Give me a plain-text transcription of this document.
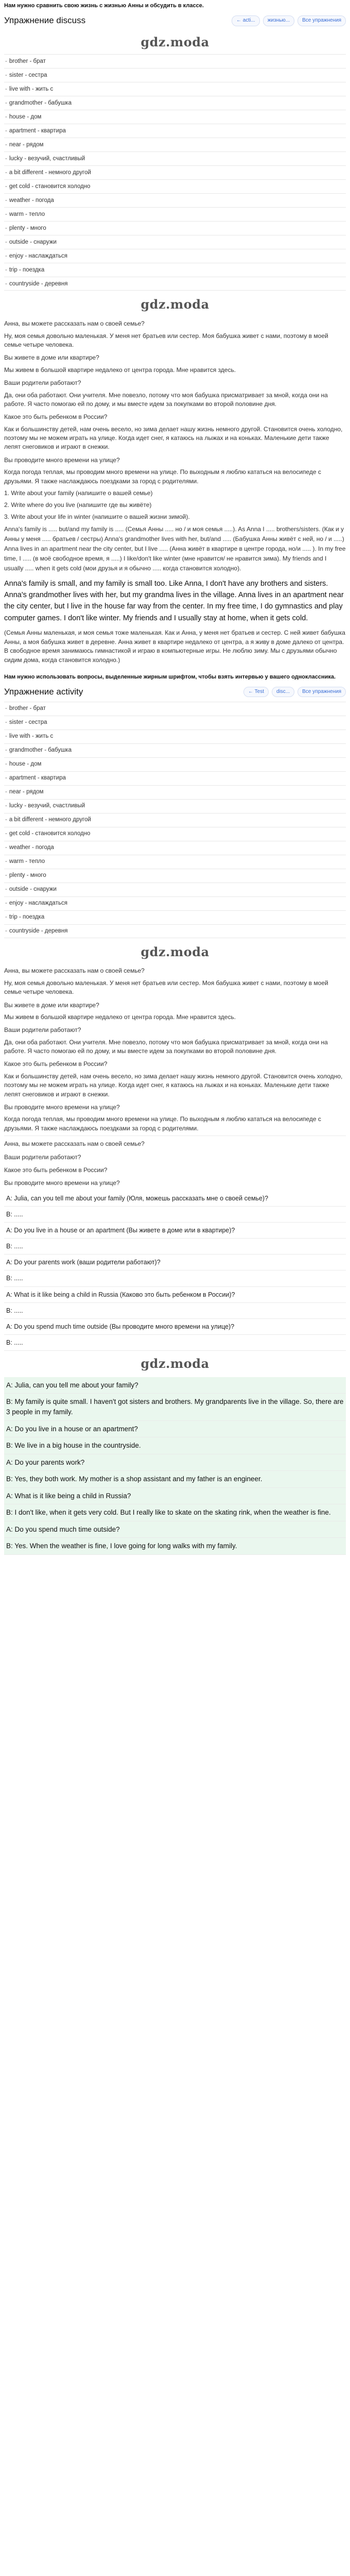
Нам нужно сравнить свою жизнь с жизнью Анны и обсудить в классе.
Упражнение discuss	← acti...	жизнью...	Все упражнения
gdz.moda
- brother - брат
- sister - сестра
- live with - жить с
- grandmother - бабушка
- house - дом
- apartment - квартира
- near - рядом
- lucky - везучий, счастливый
- a bit different - немного другой
- get cold - становится холодно
- weather - погода
- warm - тепло
- plenty - много
- outside - снаружи
- enjoy - наслаждаться
- trip - поездка
- countryside - деревня
gdz.moda
Анна, вы можете рассказать нам о своей семье?
Ну, моя семья довольно маленькая. У меня нет братьев или сестер. Моя бабушка живет с нами, поэтому в моей семье четыре человека.
Вы живете в доме или квартире?
Мы живем в большой квартире недалеко от центра города. Мне нравится здесь.
Ваши родители работают?
Да, они оба работают. Они учителя. Мне повезло, потому что моя бабушка присматривает за мной, когда они на работе. Я часто помогаю ей по дому, и мы вместе идем за покупками во второй половине дня.
Какое это быть ребенком в России?
Как и большинству детей, нам очень весело, но зима делает нашу жизнь немного другой. Становится очень холодно, поэтому мы не можем играть на улице. Когда идет снег, я катаюсь на лыжах и на коньках. Маленькие дети также лепят снеговиков и играют в снежки.
Вы проводите много времени на улице?
Когда погода теплая, мы проводим много времени на улице. По выходным я люблю кататься на велосипеде с друзьями. Я также наслаждаюсь поездками за город с родителями.
1. Write about your family (напишите о вашей семье)
2. Write where do you live (напишите где вы живёте)
3. Write about your life in winter (напишите о вашей жизни зимой).
Anna's family is ..... but/and my family is ..... (Семья Анны ..... но / и моя семья .....). As Anna I ..... brothers/sisters. (Как и у Анны у меня ..... братьев / сестры) Anna's grandmother lives with her, but/and ..... (Бабушка Анны живёт с ней, но / и .....) Anna lives in an apartment near the city center, but I live ..... (Анна живёт в квартире в центре города, но/и ..... ). In my free time, I ..... (в моё свободное время, я .....) I like/don't like winter (мне нравится/ не нравится зима). My friends and I usually ..... when it gets cold (мои друзья и я обычно ..... когда становится холодно).
Anna's family is small, and my family is small too. Like Anna, I don't have any brothers and sisters. Anna's grandmother lives with her, but my grandma lives in the village. Anna lives in an apartment near the city center, but I live in the house far way from the center. In my free time, I do gymnastics and play computer games. I don't like winter. My friends and I usually stay at home, when it gets cold.
(Семья Анны маленькая, и моя семья тоже маленькая. Как и Анна, у меня нет братьев и сестер. С ней живет бабушка Анны, а моя бабушка живет в деревне. Анна живет в квартире недалеко от центра, а я живу в доме далеко от центра. В свободное время занимаюсь гимнастикой и играю в компьютерные игры. Не люблю зиму. Мы с друзьями обычно сидим дома, когда становится холодно.)
Нам нужно использовать вопросы, выделенные жирным шрифтом, чтобы взять интервью у вашего одноклассника.
Упражнение activity	← Test	disc...	Все упражнения
- brother - брат
- sister - сестра
- live with - жить с
- grandmother - бабушка
- house - дом
- apartment - квартира
- near - рядом
- lucky - везучий, счастливый
- a bit different - немного другой
- get cold - становится холодно
- weather - погода
- warm - тепло
- plenty - много
- outside - снаружи
- enjoy - наслаждаться
- trip - поездка
- countryside - деревня
gdz.moda
Анна, вы можете рассказать нам о своей семье?
Ну, моя семья довольно маленькая. У меня нет братьев или сестер. Моя бабушка живет с нами, поэтому в моей семье четыре человека.
Вы живете в доме или квартире?
Мы живем в большой квартире недалеко от центра города. Мне нравится здесь.
Ваши родители работают?
Да, они оба работают. Они учителя. Мне повезло, потому что моя бабушка присматривает за мной, когда они на работе. Я часто помогаю ей по дому, и мы вместе идем за покупками во второй половине дня.
Какое это быть ребенком в России?
Как и большинству детей, нам очень весело, но зима делает нашу жизнь немного другой. Становится очень холодно, поэтому мы не можем играть на улице. Когда идет снег, я катаюсь на лыжах и на коньках. Маленькие дети также лепят снеговиков и играют в снежки.
Вы проводите много времени на улице?
Когда погода теплая, мы проводим много времени на улице. По выходным я люблю кататься на велосипеде с друзьями. Я также наслаждаюсь поездками за город с родителями.
Анна, вы можете рассказать нам о своей семье?
Ваши родители работают?
Какое это быть ребенком в России?
Вы проводите много времени на улице?
A: Julia, can you tell me about your family (Юля, можешь рассказать мне о своей семье)?
B: .....
A: Do you live in a house or an apartment (Вы живете в доме или в квартире)?
B: .....
A: Do your parents work (ваши родители работают)?
B: .....
A: What is it like being a child in Russia (Каково это быть ребенком в России)?
B: .....
A: Do you spend much time outside (Вы проводите много времени на улице)?
B: .....
gdz.moda
A: Julia, can you tell me about your family?
B: My family is quite small. I haven't got sisters and brothers. My grandparents live in the village. So, there are 3 people in my family.
A: Do you live in a house or an apartment?
B: We live in a big house in the countryside.
A: Do your parents work?
B: Yes, they both work. My mother is a shop assistant and my father is an engineer.
A: What is it like being a child in Russia?
B: I don't like, when it gets very cold. But I really like to skate on the skating rink, when the weather is fine.
A: Do you spend much time outside?
B: Yes. When the weather is fine, I love going for long walks with my family.
